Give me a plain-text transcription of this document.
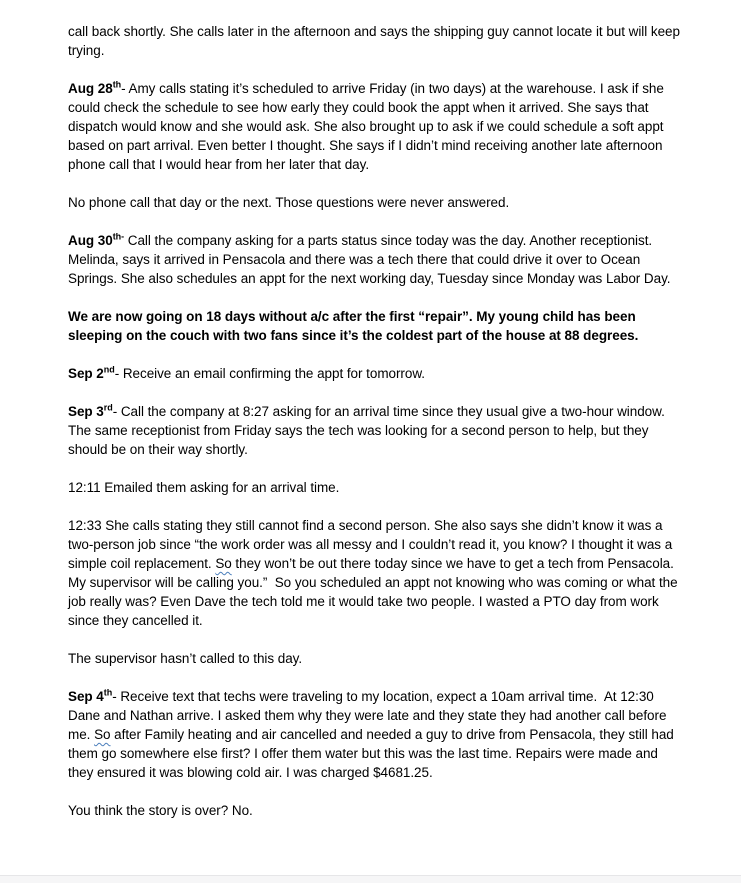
call back shortly. She calls later in the afternoon and says the shipping guy cannot locate it but will keep trying.

Aug 28th- Amy calls stating it’s scheduled to arrive Friday (in two days) at the warehouse. I ask if she could check the schedule to see how early they could book the appt when it arrived. She says that dispatch would know and she would ask. She also brought up to ask if we could schedule a soft appt based on part arrival. Even better I thought. She says if I didn’t mind receiving another late afternoon phone call that I would hear from her later that day.

No phone call that day or the next. Those questions were never answered.

Aug $30^{th-}$ Call the company asking for a parts status since today was the day. Another receptionist. Melinda, says it arrived in Pensacola and there was a tech there that could drive it over to Ocean Springs. She also schedules an appt for the next working day, Tuesday since Monday was Labor Day.

We are now going on 18 days without a/c after the first “repair”. My young child has been sleeping on the couch with two fans since it’s the coldest part of the house at 88 degrees.

Sep 2nd- Receive an email confirming the appt for tomorrow.

Sep 3rd- Call the company at 8:27 asking for an arrival time since they usual give a two-hour window. The same receptionist from Friday says the tech was looking for a second person to help, but they should be on their way shortly.

12:11 Emailed them asking for an arrival time.

12:33 She calls stating they still cannot find a second person. She also says she didn’t know it was a two-person job since “the work order was all messy and I couldn’t read it, you know? I thought it was a simple coil replacement. So they won’t be out there today since we have to get a tech from Pensacola. My supervisor will be calling you.”  So you scheduled an appt not knowing who was coming or what the job really was? Even Dave the tech told me it would take two people. I wasted a PTO day from work since they cancelled it.

The supervisor hasn’t called to this day.

Sep 4th- Receive text that techs were traveling to my location, expect a 10am arrival time.  At 12:30 Dane and Nathan arrive. I asked them why they were late and they state they had another call before me. So after Family heating and air cancelled and needed a guy to drive from Pensacola, they still had them go somewhere else first? I offer them water but this was the last time. Repairs were made and they ensured it was blowing cold air. I was charged $4681.25.

You think the story is over? No.
